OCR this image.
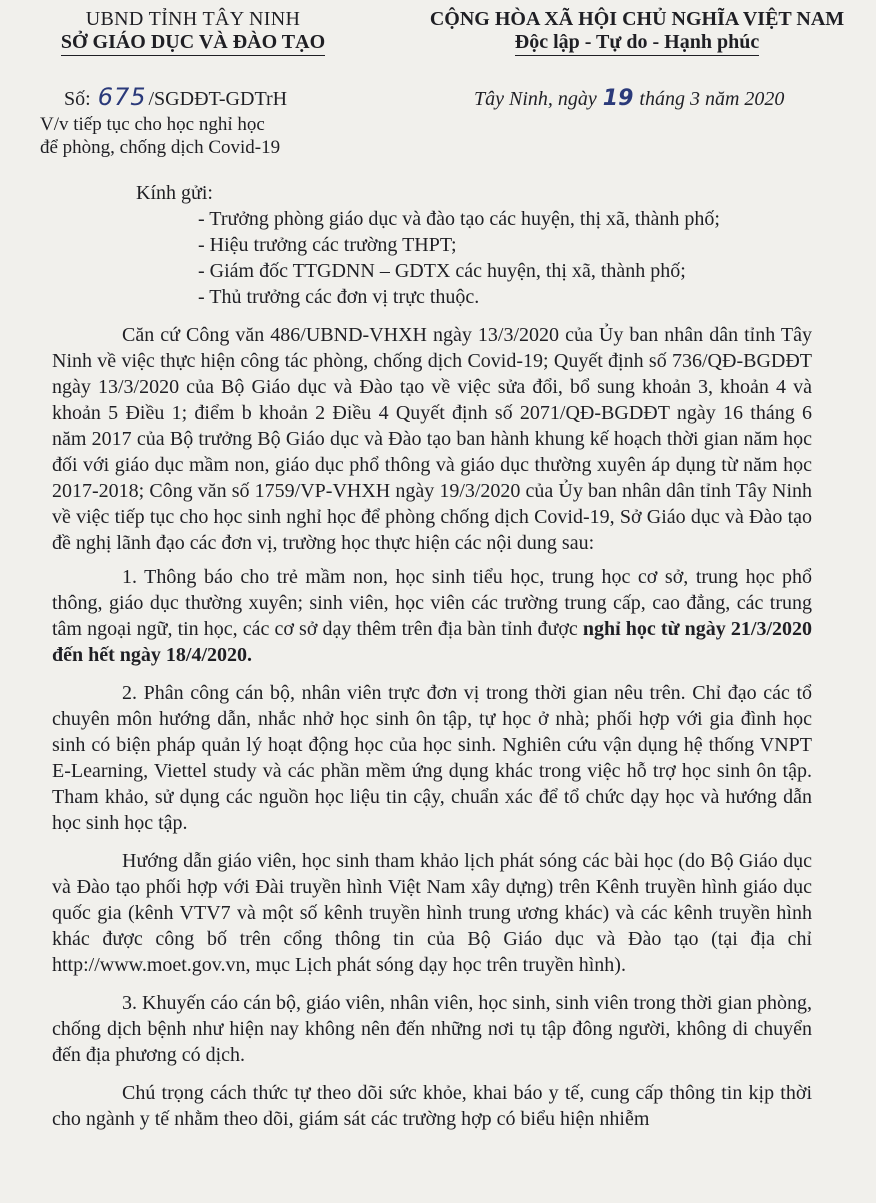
UBND TỈNH TÂY NINH
SỞ GIÁO DỤC VÀ ĐÀO TẠO
CỘNG HÒA XÃ HỘI CHỦ NGHĨA VIỆT NAM
Độc lập - Tự do - Hạnh phúc
Số: 675 /SGDĐT-GDTrH	Tây Ninh, ngày 19 tháng 3 năm 2020
V/v tiếp tục cho học nghỉ học
để phòng, chống dịch Covid-19
Kính gửi:
- Trưởng phòng giáo dục và đào tạo các huyện, thị xã, thành phố;
- Hiệu trưởng các trường THPT;
- Giám đốc TTGDNN – GDTX các huyện, thị xã, thành phố;
- Thủ trưởng các đơn vị trực thuộc.

Căn cứ Công văn 486/UBND-VHXH ngày 13/3/2020 của Ủy ban nhân dân tỉnh Tây Ninh về việc thực hiện công tác phòng, chống dịch Covid-19; Quyết định số 736/QĐ-BGDĐT ngày 13/3/2020 của Bộ Giáo dục và Đào tạo về việc sửa đổi, bổ sung khoản 3, khoản 4 và khoản 5 Điều 1; điểm b khoản 2 Điều 4 Quyết định số 2071/QĐ-BGDĐT ngày 16 tháng 6 năm 2017 của Bộ trưởng Bộ Giáo dục và Đào tạo ban hành khung kế hoạch thời gian năm học đối với giáo dục mầm non, giáo dục phổ thông và giáo dục thường xuyên áp dụng từ năm học 2017-2018; Công văn số 1759/VP-VHXH ngày 19/3/2020 của Ủy ban nhân dân tỉnh Tây Ninh về việc tiếp tục cho học sinh nghỉ học để phòng chống dịch Covid-19, Sở Giáo dục và Đào tạo đề nghị lãnh đạo các đơn vị, trường học thực hiện các nội dung sau:

1. Thông báo cho trẻ mầm non, học sinh tiểu học, trung học cơ sở, trung học phổ thông, giáo dục thường xuyên; sinh viên, học viên các trường trung cấp, cao đẳng, các trung tâm ngoại ngữ, tin học, các cơ sở dạy thêm trên địa bàn tỉnh được nghỉ học từ ngày 21/3/2020 đến hết ngày 18/4/2020.

2. Phân công cán bộ, nhân viên trực đơn vị trong thời gian nêu trên. Chỉ đạo các tổ chuyên môn hướng dẫn, nhắc nhở học sinh ôn tập, tự học ở nhà; phối hợp với gia đình học sinh có biện pháp quản lý hoạt động học của học sinh. Nghiên cứu vận dụng hệ thống VNPT E-Learning, Viettel study và các phần mềm ứng dụng khác trong việc hỗ trợ học sinh ôn tập. Tham khảo, sử dụng các nguồn học liệu tin cậy, chuẩn xác để tổ chức dạy học và hướng dẫn học sinh học tập.

Hướng dẫn giáo viên, học sinh tham khảo lịch phát sóng các bài học (do Bộ Giáo dục và Đào tạo phối hợp với Đài truyền hình Việt Nam xây dựng) trên Kênh truyền hình giáo dục quốc gia (kênh VTV7 và một số kênh truyền hình trung ương khác) và các kênh truyền hình khác được công bố trên cổng thông tin của Bộ Giáo dục và Đào tạo (tại địa chỉ http://www.moet.gov.vn, mục Lịch phát sóng dạy học trên truyền hình).

3. Khuyến cáo cán bộ, giáo viên, nhân viên, học sinh, sinh viên trong thời gian phòng, chống dịch bệnh như hiện nay không nên đến những nơi tụ tập đông người, không di chuyển đến địa phương có dịch.

Chú trọng cách thức tự theo dõi sức khỏe, khai báo y tế, cung cấp thông tin kịp thời cho ngành y tế nhằm theo dõi, giám sát các trường hợp có biểu hiện nhiễm
